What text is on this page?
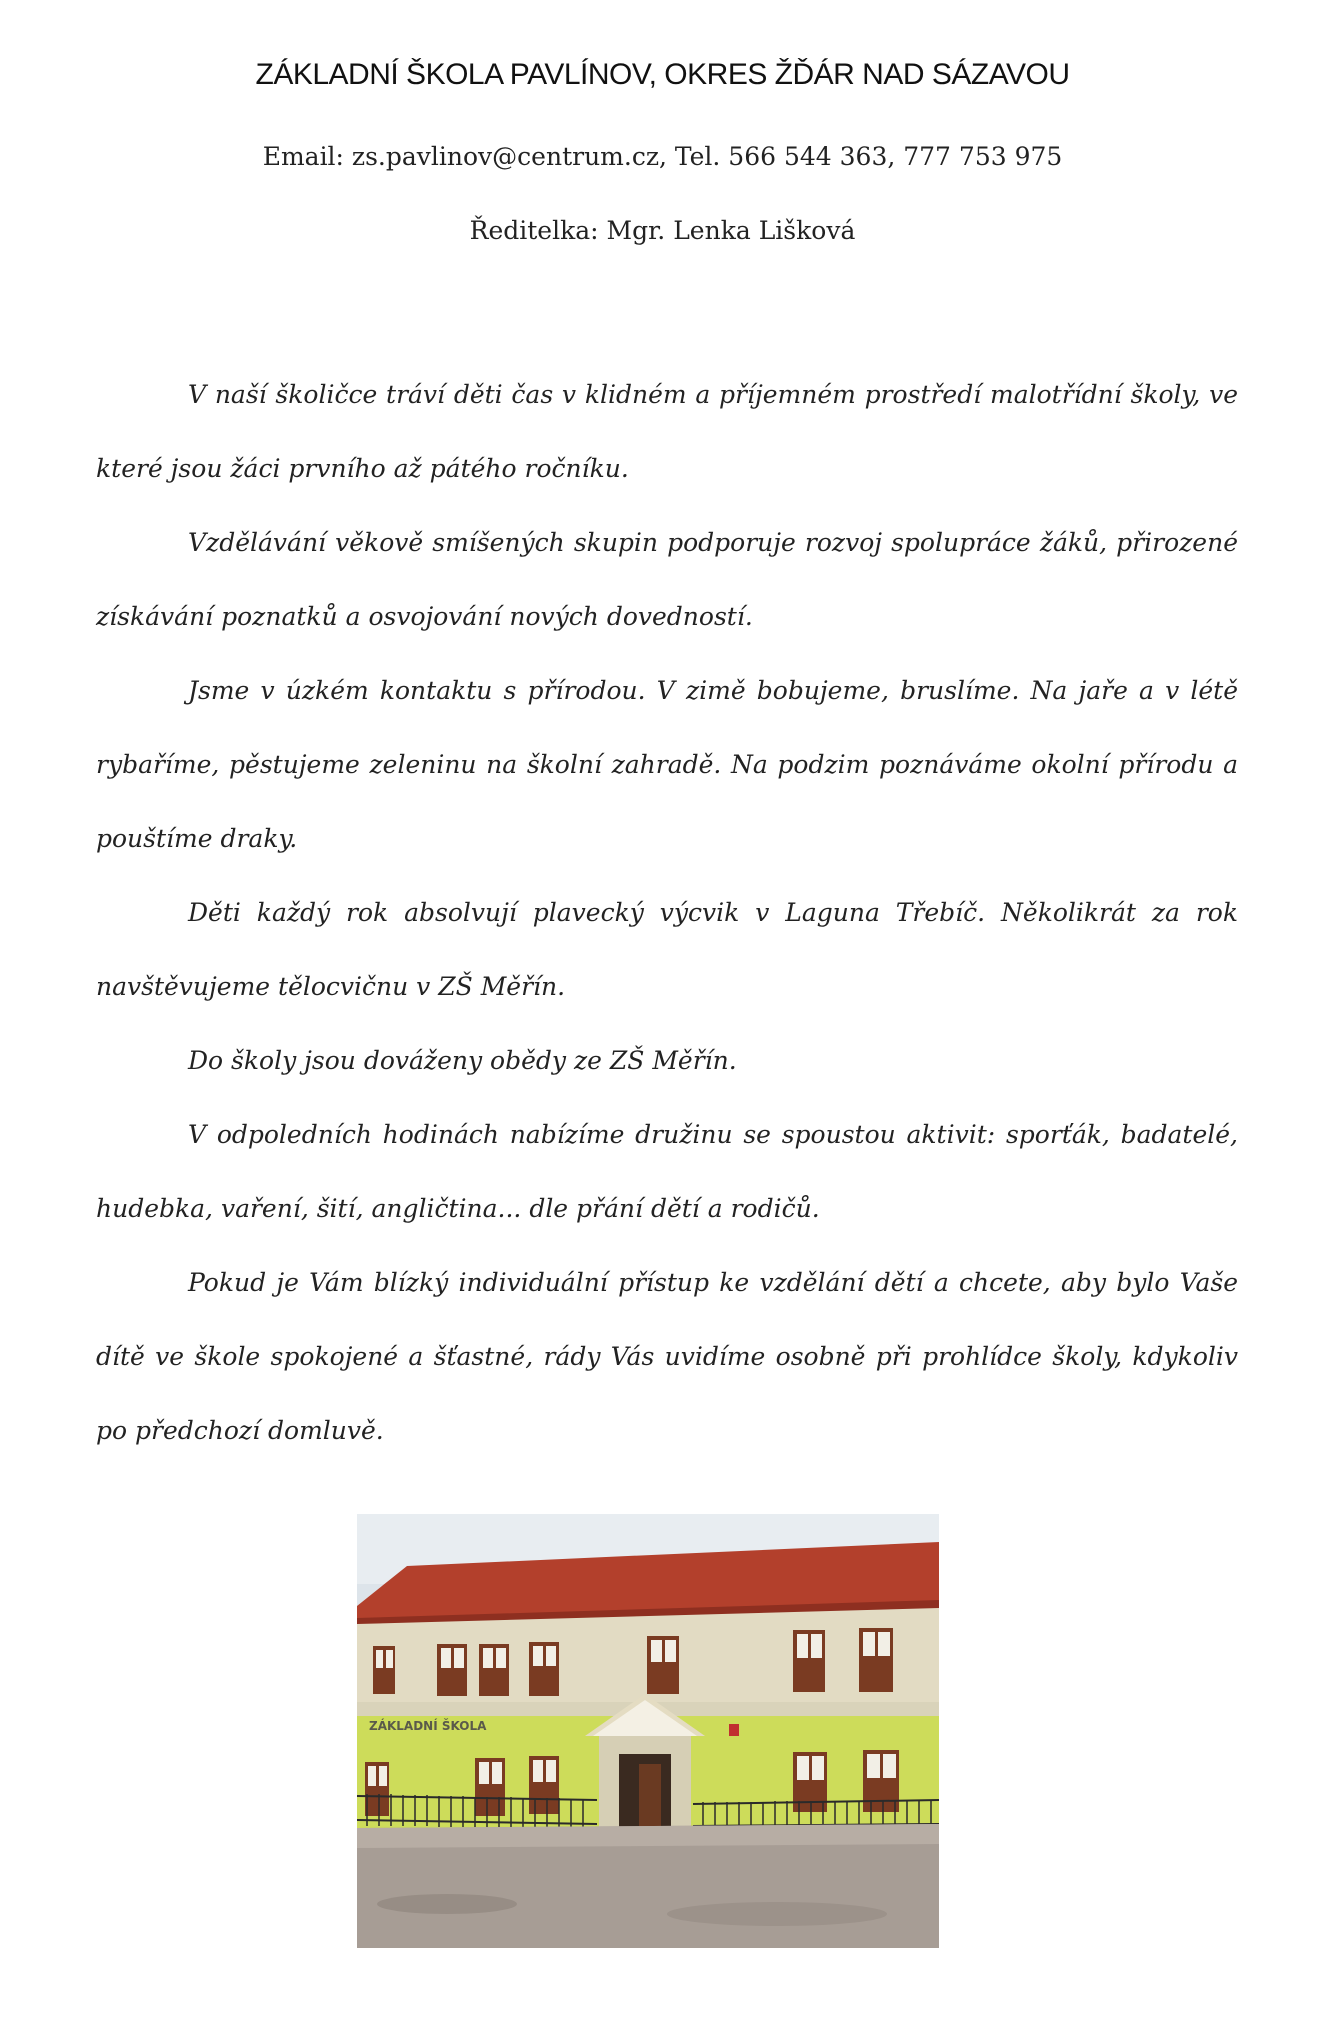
ZÁKLADNÍ ŠKOLA PAVLÍNOV, OKRES ŽĎÁR NAD SÁZAVOU
Email: zs.pavlinov@centrum.cz, Tel. 566 544 363, 777 753 975
Ředitelka: Mgr. Lenka Lišková

V naší školičce tráví děti čas v klidném a příjemném prostředí malotřídní školy, ve které jsou žáci prvního až pátého ročníku.

Vzdělávání věkově smíšených skupin podporuje rozvoj spolupráce žáků, přirozené získávání poznatků a osvojování nových dovedností.

Jsme v úzkém kontaktu s přírodou. V zimě bobujeme, bruslíme. Na jaře a v létě rybaříme, pěstujeme zeleninu na školní zahradě. Na podzim poznáváme okolní přírodu a pouštíme draky.

Děti každý rok absolvují plavecký výcvik v Laguna Třebíč. Několikrát za rok navštěvujeme tělocvičnu v ZŠ Měřín.

Do školy jsou dováženy obědy ze ZŠ Měřín.

V odpoledních hodinách nabízíme družinu se spoustou aktivit: sporťák, badatelé, hudebka, vaření, šití, angličtina... dle přání dětí a rodičů.

Pokud je Vám blízký individuální přístup ke vzdělání dětí a chcete, aby bylo Vaše dítě ve škole spokojené a šťastné, rády Vás uvidíme osobně při prohlídce školy, kdykoliv po předchozí domluvě.

ZÁKLADNÍ ŠKOLA
